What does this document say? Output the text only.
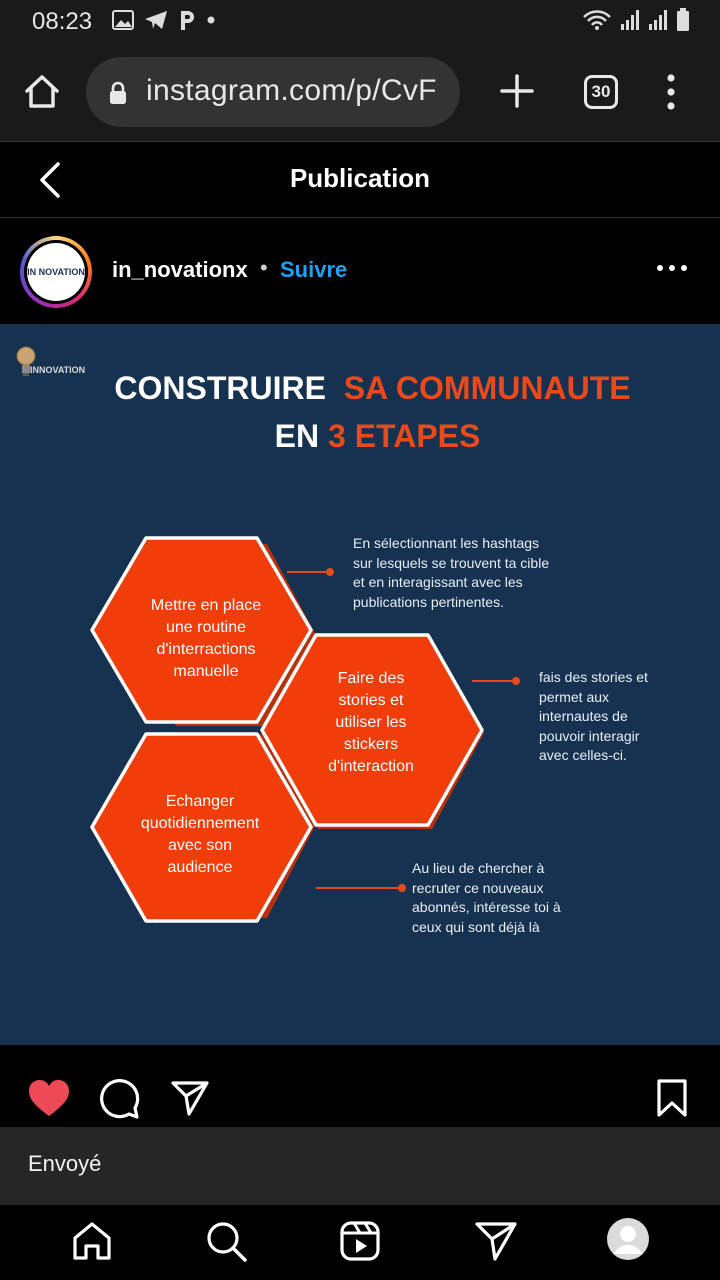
08:23
instagram.com/p/CvF	30
Publication
IN NOVATION in_novationx • Suivre
INNOVATION CONSTRUIRE SA COMMUNAUTE
EN 3 ETAPES
Mettre en place
une routine
d'interractions
manuelle	Faire des
stories et
utiliser les
stickers
d'interaction
Echanger
quotidiennement
avec son
audience
En sélectionnant les hashtags
sur lesquels se trouvent ta cible
et en interagissant avec les
publications pertinentes.
fais des stories et
permet aux
internautes de
pouvoir interagir
avec celles-ci.
Au lieu de chercher à
recruter ce nouveaux
abonnés, intéresse toi à
ceux qui sont déjà là
Envoyé
